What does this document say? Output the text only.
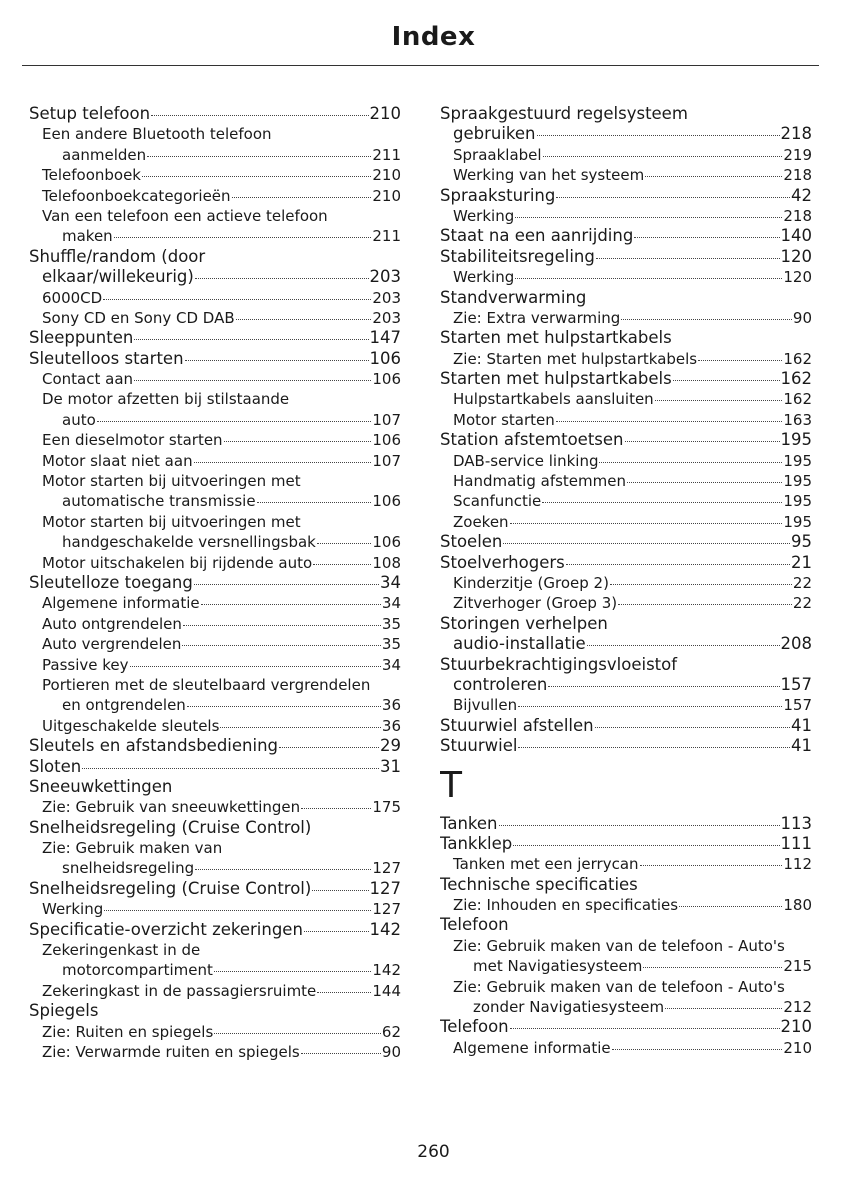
Index
Setup telefoon	210
Een andere Bluetooth telefoon
aanmelden	211
Telefoonboek	210
Telefoonboekcategorieën	210
Van een telefoon een actieve telefoon
maken	211
Shuffle/random (door
elkaar/willekeurig)	203
6000CD	203
Sony CD en Sony CD DAB	203
Sleeppunten	147
Sleutelloos starten	106
Contact aan	106
De motor afzetten bij stilstaande
auto	107
Een dieselmotor starten	106
Motor slaat niet aan	107
Motor starten bij uitvoeringen met
automatische transmissie	106
Motor starten bij uitvoeringen met
handgeschakelde versnellingsbak	106
Motor uitschakelen bij rijdende auto	108
Sleutelloze toegang	34
Algemene informatie	34
Auto ontgrendelen	35
Auto vergrendelen	35
Passive key	34
Portieren met de sleutelbaard vergrendelen
en ontgrendelen	36
Uitgeschakelde sleutels	36
Sleutels en afstandsbediening	29
Sloten	31
Sneeuwkettingen
Zie: Gebruik van sneeuwkettingen	175
Snelheidsregeling (Cruise Control)
Zie: Gebruik maken van
snelheidsregeling	127
Snelheidsregeling (Cruise Control)	127
Werking	127
Specificatie-overzicht zekeringen	142
Zekeringenkast in de
motorcompartiment	142
Zekeringkast in de passagiersruimte	144
Spiegels
Zie: Ruiten en spiegels	62
Zie: Verwarmde ruiten en spiegels	90
Spraakgestuurd regelsysteem
gebruiken	218
Spraaklabel	219
Werking van het systeem	218
Spraaksturing	42
Werking	218
Staat na een aanrijding	140
Stabiliteitsregeling	120
Werking	120
Standverwarming
Zie: Extra verwarming	90
Starten met hulpstartkabels
Zie: Starten met hulpstartkabels	162
Starten met hulpstartkabels	162
Hulpstartkabels aansluiten	162
Motor starten	163
Station afstemtoetsen	195
DAB-service linking	195
Handmatig afstemmen	195
Scanfunctie	195
Zoeken	195
Stoelen	95
Stoelverhogers	21
Kinderzitje (Groep 2)	22
Zitverhoger (Groep 3)	22
Storingen verhelpen
audio-installatie	208
Stuurbekrachtigingsvloeistof
controleren	157
Bijvullen	157
Stuurwiel afstellen	41
Stuurwiel	41
T
Tanken	113
Tankklep	111
Tanken met een jerrycan	112
Technische specificaties
Zie: Inhouden en specificaties	180
Telefoon
Zie: Gebruik maken van de telefoon - Auto's
met Navigatiesysteem	215
Zie: Gebruik maken van de telefoon - Auto's
zonder Navigatiesysteem	212
Telefoon	210
Algemene informatie	210
260
